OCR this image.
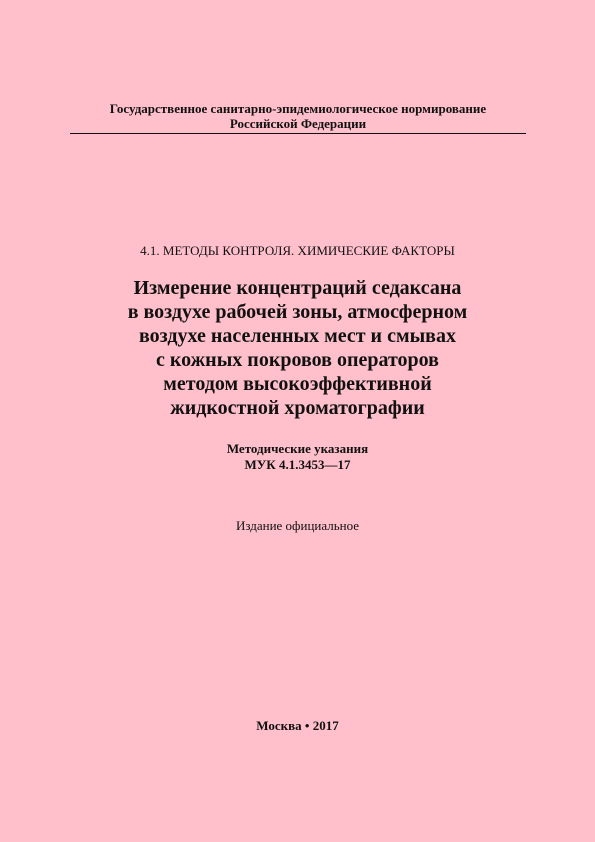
Государственное санитарно-эпидемиологическое нормирование
Российской Федерации
4.1. МЕТОДЫ КОНТРОЛЯ. ХИМИЧЕСКИЕ ФАКТОРЫ
Измерение концентраций седаксана
в воздухе рабочей зоны, атмосферном
воздухе населенных мест и смывах
с кожных покровов операторов
методом высокоэффективной
жидкостной хроматографии
Методические указания
МУК 4.1.3453—17
Издание официальное
Москва • 2017
